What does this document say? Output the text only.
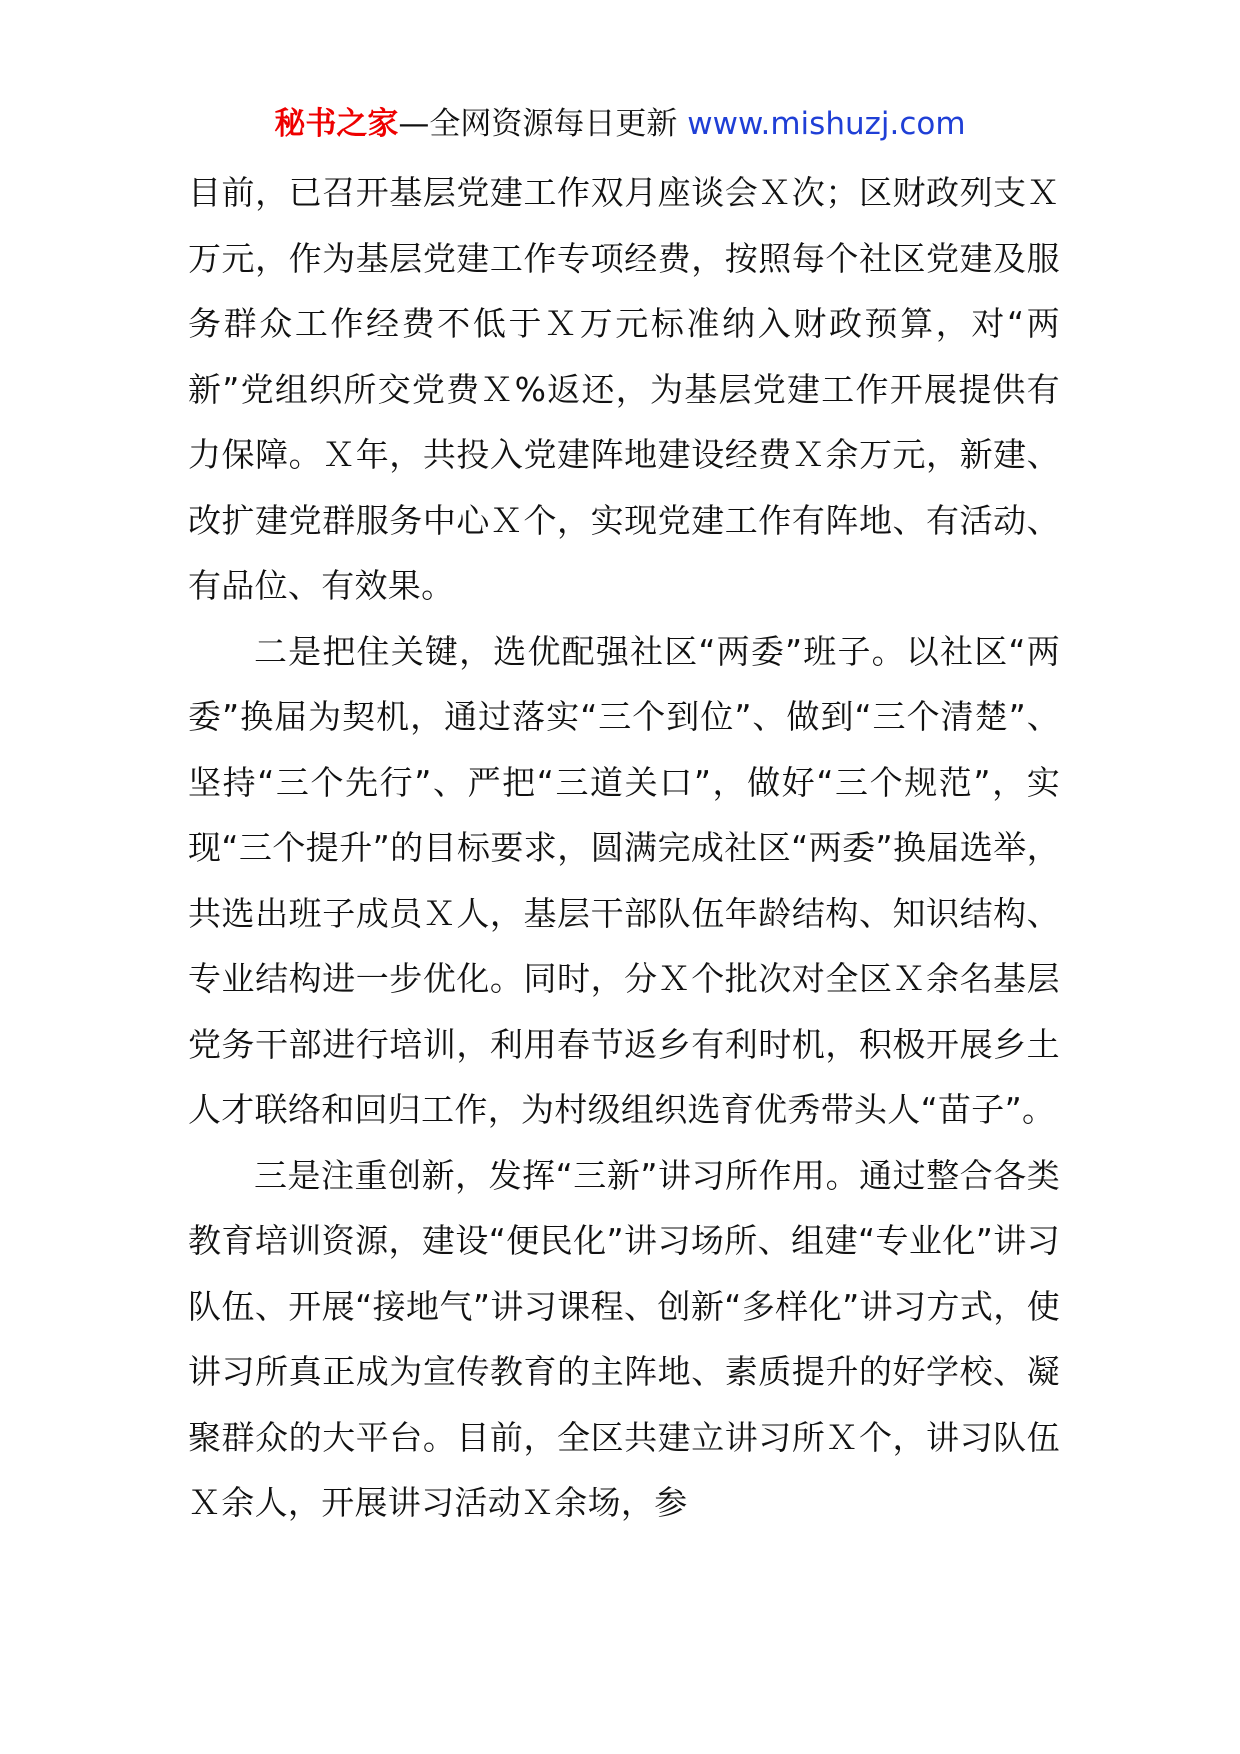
秘书之家—全网资源每日更新 www.mishuzj.com

目前，已召开基层党建工作双月座谈会Ｘ次；区财政列支Ｘ万元，作为基层党建工作专项经费，按照每个社区党建及服务群众工作经费不低于Ｘ万元标准纳入财政预算，对“两新”党组织所交党费Ｘ%返还，为基层党建工作开展提供有力保障。Ｘ年，共投入党建阵地建设经费Ｘ余万元，新建、改扩建党群服务中心Ｘ个，实现党建工作有阵地、有活动、有品位、有效果。

二是把住关键，选优配强社区“两委”班子。以社区“两委”换届为契机，通过落实“三个到位”、做到“三个清楚”、坚持“三个先行”、严把“三道关口”，做好“三个规范”，实现“三个提升”的目标要求，圆满完成社区“两委”换届选举，共选出班子成员Ｘ人，基层干部队伍年龄结构、知识结构、专业结构进一步优化。同时，分Ｘ个批次对全区Ｘ余名基层党务干部进行培训，利用春节返乡有利时机，积极开展乡土人才联络和回归工作，为村级组织选育优秀带头人“苗子”。

三是注重创新，发挥“三新”讲习所作用。通过整合各类教育培训资源，建设“便民化”讲习场所、组建“专业化”讲习队伍、开展“接地气”讲习课程、创新“多样化”讲习方式，使讲习所真正成为宣传教育的主阵地、素质提升的好学校、凝聚群众的大平台。目前，全区共建立讲习所Ｘ个，讲习队伍Ｘ余人，开展讲习活动Ｘ余场，参
